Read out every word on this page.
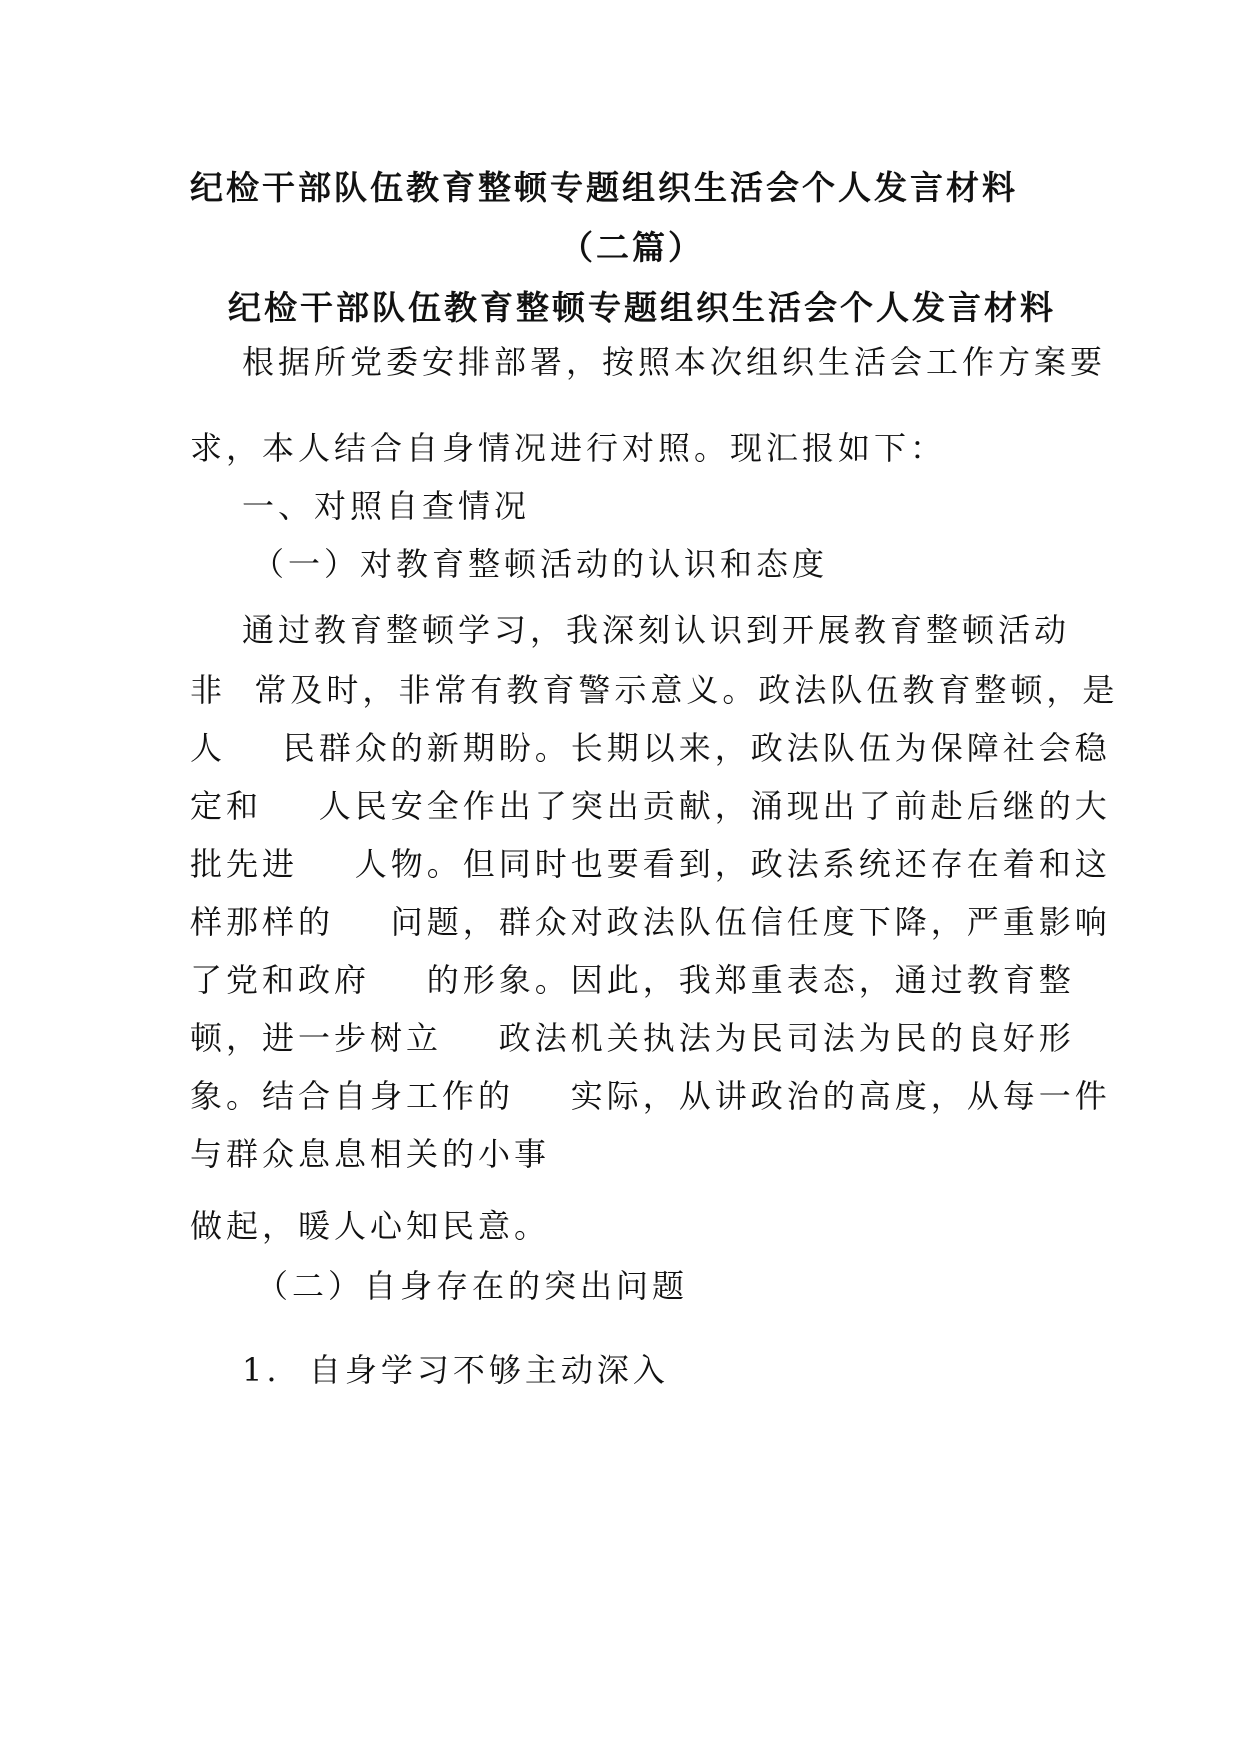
纪检干部队伍教育整顿专题组织生活会个人发言材料
（二篇）
纪检干部队伍教育整顿专题组织生活会个人发言材料
根据所党委安排部署，按照本次组织生活会工作方案要
求，本人结合自身情况进行对照。现汇报如下：
一、对照自查情况
（一）对教育整顿活动的认识和态度
通过教育整顿学习，我深刻认识到开展教育整顿活动
非  常及时，非常有教育警示意义。政法队伍教育整顿，是
人    民群众的新期盼。长期以来，政法队伍为保障社会稳
定和    人民安全作出了突出贡献，涌现出了前赴后继的大
批先进    人物。但同时也要看到，政法系统还存在着和这
样那样的    问题，群众对政法队伍信任度下降，严重影响
了党和政府    的形象。因此，我郑重表态，通过教育整
顿，进一步树立    政法机关执法为民司法为民的良好形
象。结合自身工作的    实际，从讲政治的高度，从每一件
与群众息息相关的小事
做起，暖人心知民意。
（二）自身存在的突出问题
1.  自身学习不够主动深入
